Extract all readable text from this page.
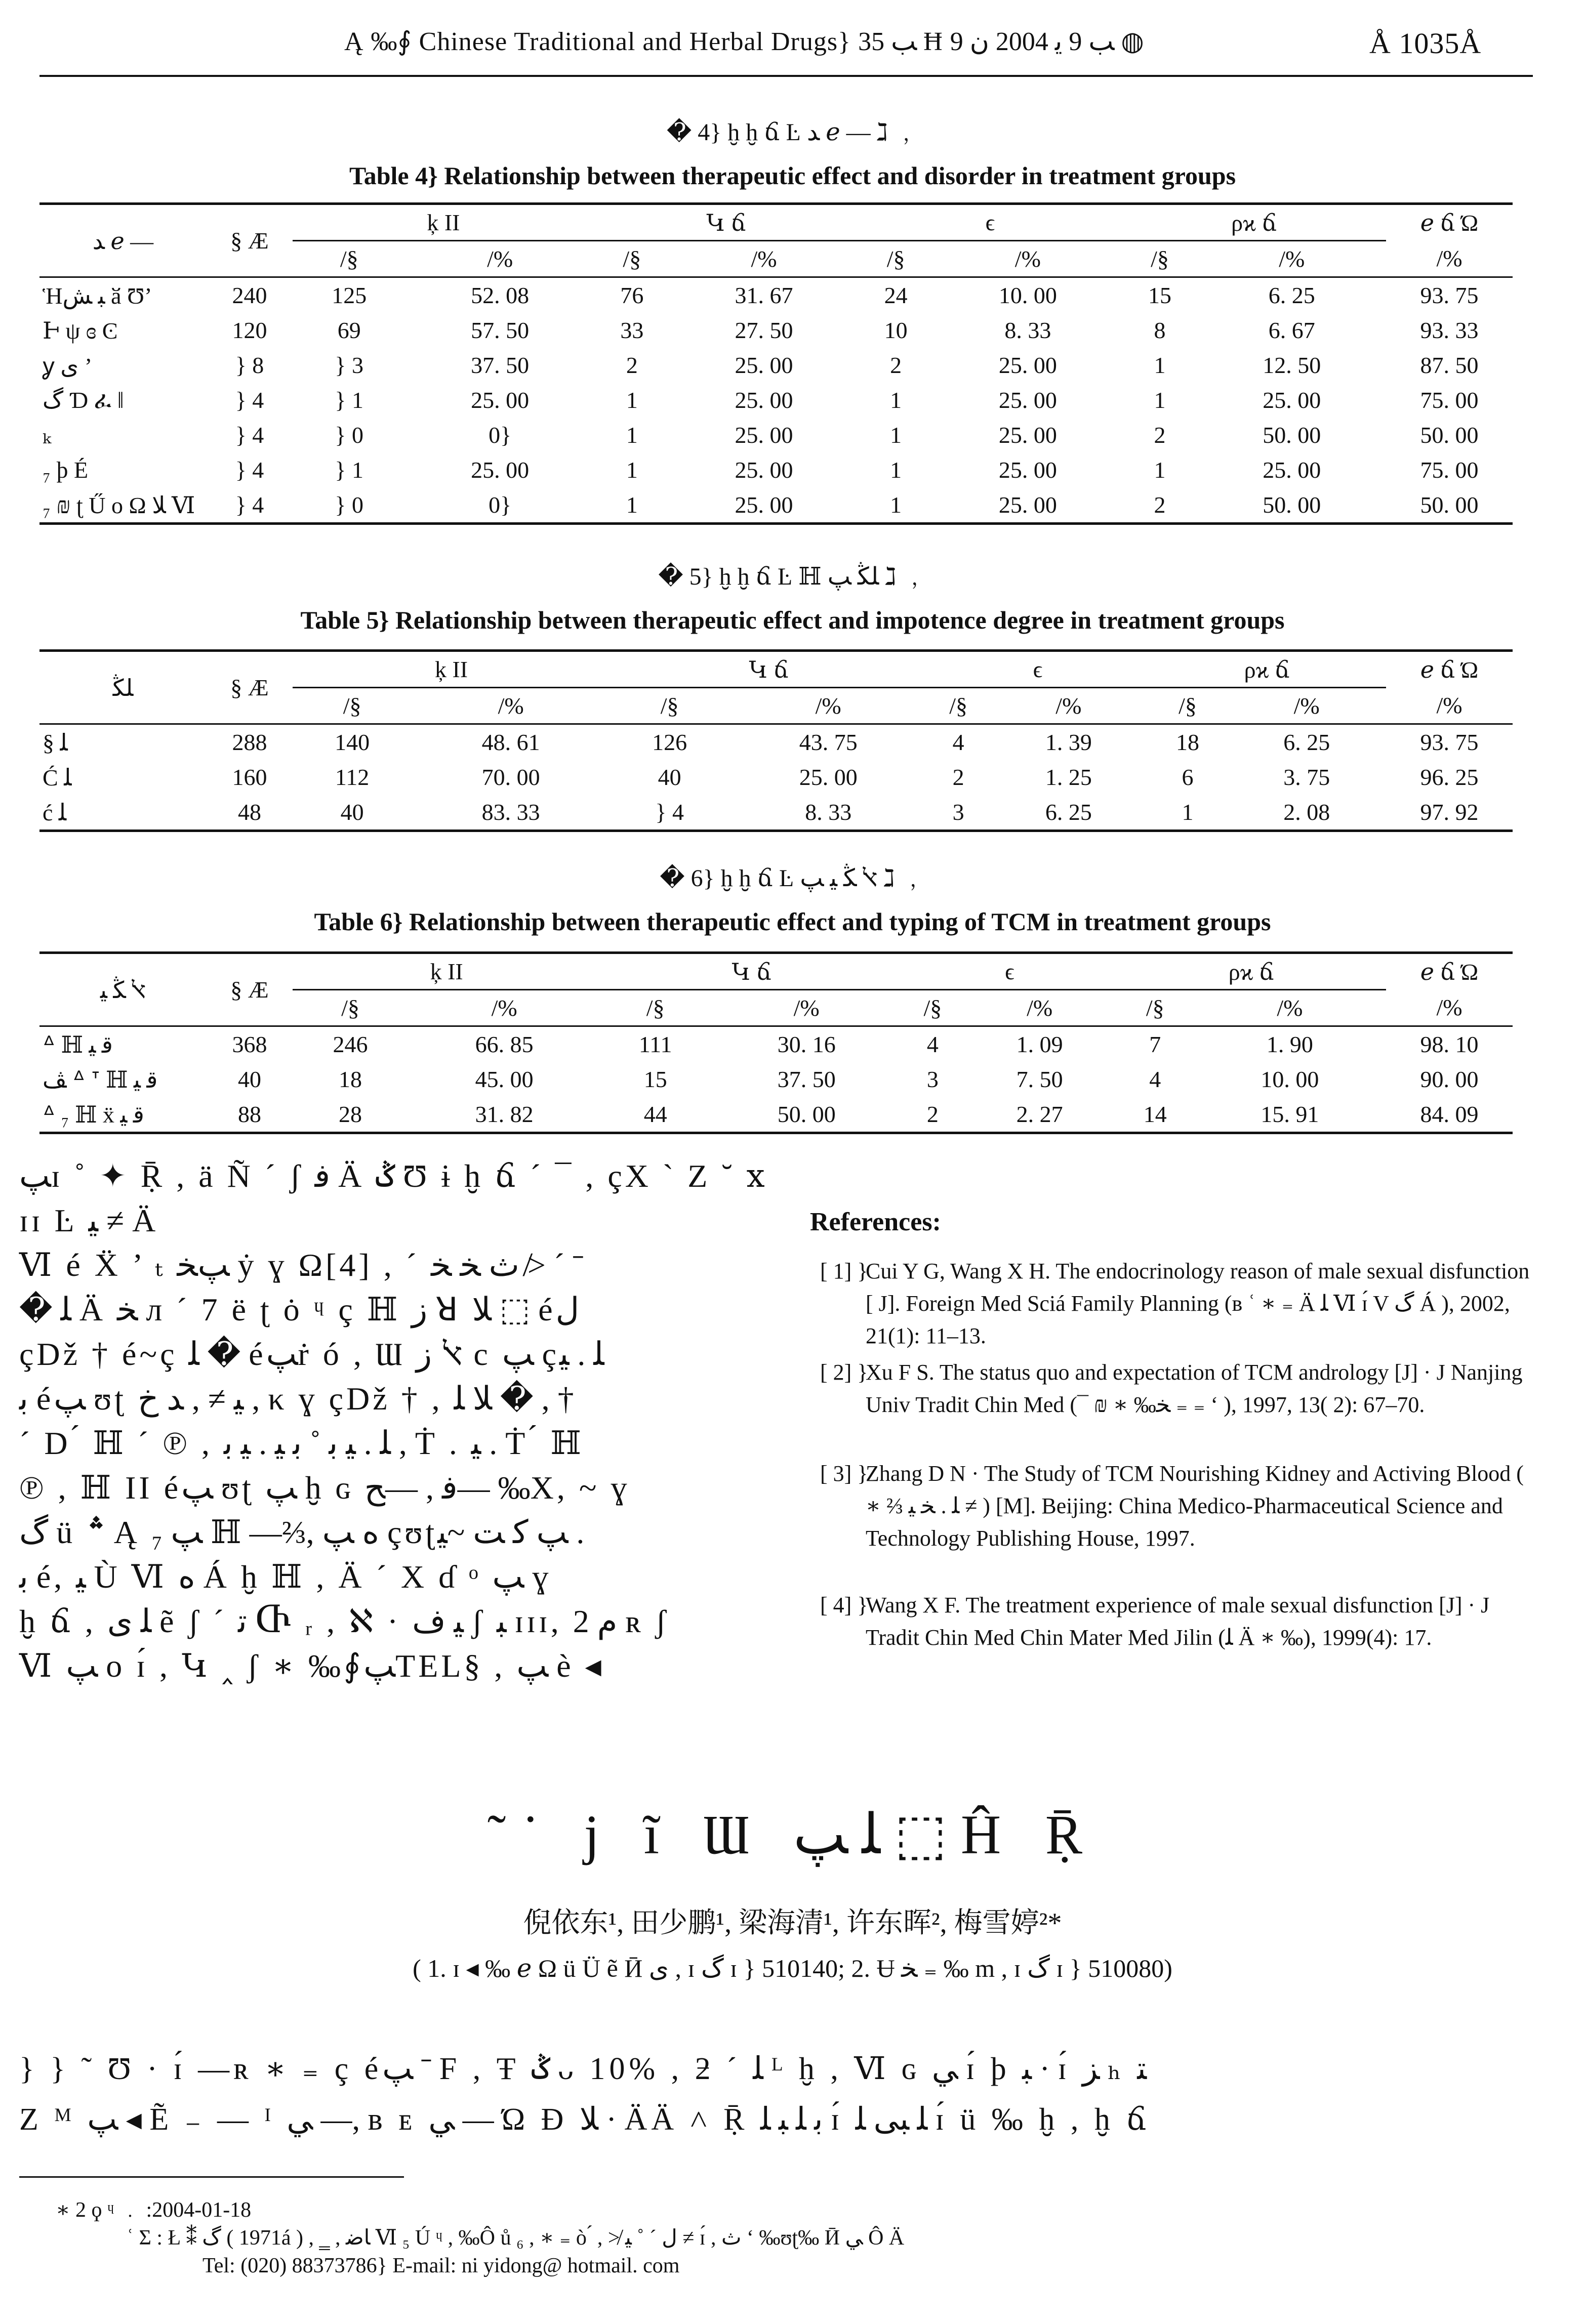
Ą ‰∮ Chinese Traditional and Herbal Drugs} ﺐ 35 Ħ ﺐ 9 ﯾ 2004 ﻥ 9 ◍	Å 1035Å
� 4} ḫ ḫ ճ Ŀ ﺪ ℯ — ℷ ﹐
Table 4} Relationship between therapeutic effect and disorder in treatment groups
ﺪ ℯ —	§ Æ	ķ II		Կ ճ		ϵ		ρϰ ճ		ℯ ճ Ώ
		/§	/%	/§	/%	/§	/%	/§	/%	/%
Ἡﺒ ﺶ ӑ Ʊ’	240	125	52. 08	76	31. 67	24	10. 00	15	6. 25	93. 75
Ͱ ψ ɞ Ͼ	120	69	57. 50	33	27. 50	10	8. 33	8	6. 67	93. 33
ỿ ﻯ ’	} 8	} 3	37. 50	2	25. 00	2	25. 00	1	12. 50	87. 50
ﮒ Ɗ ፈ ‖	} 4	} 1	25. 00	1	25. 00	1	25. 00	1	25. 00	75. 00
ₖ	} 4	} 0	0}	1	25. 00	1	25. 00	2	50. 00	50. 00
₇ þ É	} 4	} 1	25. 00	1	25. 00	1	25. 00	1	25. 00	75. 00
₇ ₪ ʈ Ű ο Ω ﻼ Ⅵ	} 4	} 0	0}	1	25. 00	1	25. 00	2	50. 00	50. 00
� 5} ḫ ḫ ճ Ŀ ℍ ﻠﯖ ﭗ ℷ ﹐
Table 5} Relationship between therapeutic effect and impotence degree in treatment groups
ﻠﯖ	§ Æ	ķ II		Կ ճ		ϵ		ρϰ ճ		ℯ ճ Ώ
		/§	/%	/§	/%	/§	/%	/§	/%	/%
§ ﻠ	288	140	48. 61	126	43. 75	4	1. 39	18	6. 25	93. 75
Ć ﻠ	160	112	70. 00	40	25. 00	2	1. 25	6	3. 75	96. 25
ć ﻠ	48	40	83. 33	} 4	8. 33	3	6. 25	1	2. 08	97. 92
� 6} ḫ ḫ ճ Ŀ ﭏ ﯖ ﯿ ﭗ ℷ ﹐
Table 6} Relationship between therapeutic effect and typing of TCM in treatment groups
ﭏ ﯖ ﯿ	§ Æ	ķ II		Կ ճ		ϵ		ρϰ ճ		ℯ ճ Ώ
		/§	/%	/§	/%	/§	/%	/§	/%	/%
ᐞ ℍ ﻗ ﯿ	368	246	66. 85	111	30. 16	4	1. 09	7	1. 90	98. 10
ﭫ ᐞ ᐪ ℍ ﻗ ﯿ	40	18	45. 00	15	37. 50	3	7. 50	4	10. 00	90. 00
ᐞ ₇ ℍ ẍ ﻗ ﯿ	88	28	31. 82	44	50. 00	2	2. 27	14	15. 91	84. 09
ﭗɪ ˚ ✦ Ṝ , ä Ñ ´ ʃ ﻓ Ä ݣ Ʊ ɨ ḫ ճ ´ ¯ , çΧ ` Ζ ˘ ⅹ ɪɪ Ŀ ﻴ ≠ Ä
Ⅵ é Ẍ ’ ₜ ﭗﺨ ẏ ɣ Ω[4] , ´ ﺙ ﺨ ﺨ ≯ ´ ˉ
� ﻠ Ä ﺨ л ´ 7 ë ʈ ȯ ᶣ ç ℍ ﺯ ꓤ ﻼ ⬚ éﻝ
çDž † é~ç ﻠ � éﭗṙ ó , Ɯ ﭏ ﺯ c ﭗ çﻠ . ﯿ
ﺑ éﭗ ʊʈ ﻴ ≠ , ﺪ ﺥ , κ ɣ çDž † , ﻼ ﻠ � , †
´ D ́ ℍ ´ ℗ , ﻠ . ﯿ ﺑ ˚ ﺑ ﯿ . ﯿ ﺑ , Ṫ . ﯿ . Ṫ ́ ℍ
℗ , ℍ II éﭗ ʊʈ ﭗ ḫ ɢ ﻓ , —ﺢ— ‰Χ, ~ ɣ
ﮒ ü ؞ Ą ﭗ ₇ ℍ —⅔, ﻩ ﭗ çʊʈﭗ ﻛ ﺖ ~ﯿ .
ﺑ é, ﻴ Ù Ⅵ ﻩ Á ḫ ℍ , Ä ´ Χ ɗ ᵒ ﭗ ɣ
ḫ ճ , ﻠ ﻯ ẽ ʃ ´ ﺗ Ⴇ ᵣ , ℵ · ﻴ ﻑ ʃ ﺒ ɪɪɪ, ﻡ 2 ʀ ʃ
Ⅵ ﭗ ο ɪ́ , Կ ‸ ʃ ∗ ‰∮ﭗTEL§ , ﭗ è ◂
References:
[ 1] }
Cui Y G, Wang X H. The endocrinology reason of male sexual disfunction [ J]. Foreign Med Sciá Family Planning (ʙ ʿ ∗ ₌ Ä ﻠ Ⅵ ɪ́ V ﮒ Á ), 2002, 21(1): 11–13.
[ 2] }
Xu F S. The status quo and expectation of TCM andrology [J] · J Nanjing Univ Tradit Chin Med (¯ ₪ ∗ ‰ﺨ ₌ ₌ ʻ ), 1997, 13( 2): 67–70.
[ 3] }
Zhang D N · The Study of TCM Nourishing Kidney and Activing Blood ( ∗ ⅔ ﻠ . ﺨ ﻴ ≠ ) [M]. Beijing: China Medico-Pharmaceutical Science and Technology Publishing House, 1997.
[ 4] }
Wang X F. The treatment experience of male sexual disfunction [J] · J Tradit Chin Med Chin Mater Med Jilin (ﻠ Ä ∗ ‰), 1999(4): 17.
˜˙ ϳ ĩ Ɯ ﻠ ﭗ ⬚ Ĥ Ṝ
倪依东¹, 田少鹏¹, 梁海清¹, 许东晖², 梅雪婷²*
( 1. ɪ ◂ ‰ ℯ Ω ü Ü ẽ Ӣ ﻯ , ɪ ﮒ ɪ } 510140; 2. Ʉ ﺨ ₌ ‰ m , ɪ ﮒ ɪ } 510080)
} } ˜ Ʊ · ɪ́ —ʀ ∗ ₌ ç éﭗ ˉ F , Ŧ ݣ ᴗ 10% , ƻ ´ ﻠ ᴸ ḫ , Ⅵ ɢ ﻲ ɪ́ þ ﺒ · ɪ́ ﺰ ₕ ﺘ
Ζ ᴹ ﭗ ◂ Ẽ ₋ — ᴵ ﻲ —, ʙ ᴇ ﻲ — Ώ Ð ﻼ · ÄÄ ˄ Ṝ ﺑ ﻠ ﺒ ﻠ ɪ́ ﻠ ﺒﻰ ﻠ ɪ́ ü ‰ ḫ , ḫ ճ
∗ 2 ϙ ᶣ ﹒ :2004-01-18
ʿ Σ : Ł ⁑ ﮒ ( 1971á ) , ‗ , ﺎﺿ Ⅵ ₅ Ú ᶣ , ‰Ô ů ₆ , ∗ ₌ ò ́ , ≯ ل ´ ˚ ﻴ ≠ ɪ́ , ﺙ ʻ ‰ʊʈ‰ Ӣ ﻲ Ô Ä
Tel: (020) 88373786} E-mail: ni yidong@ hotmail. com
